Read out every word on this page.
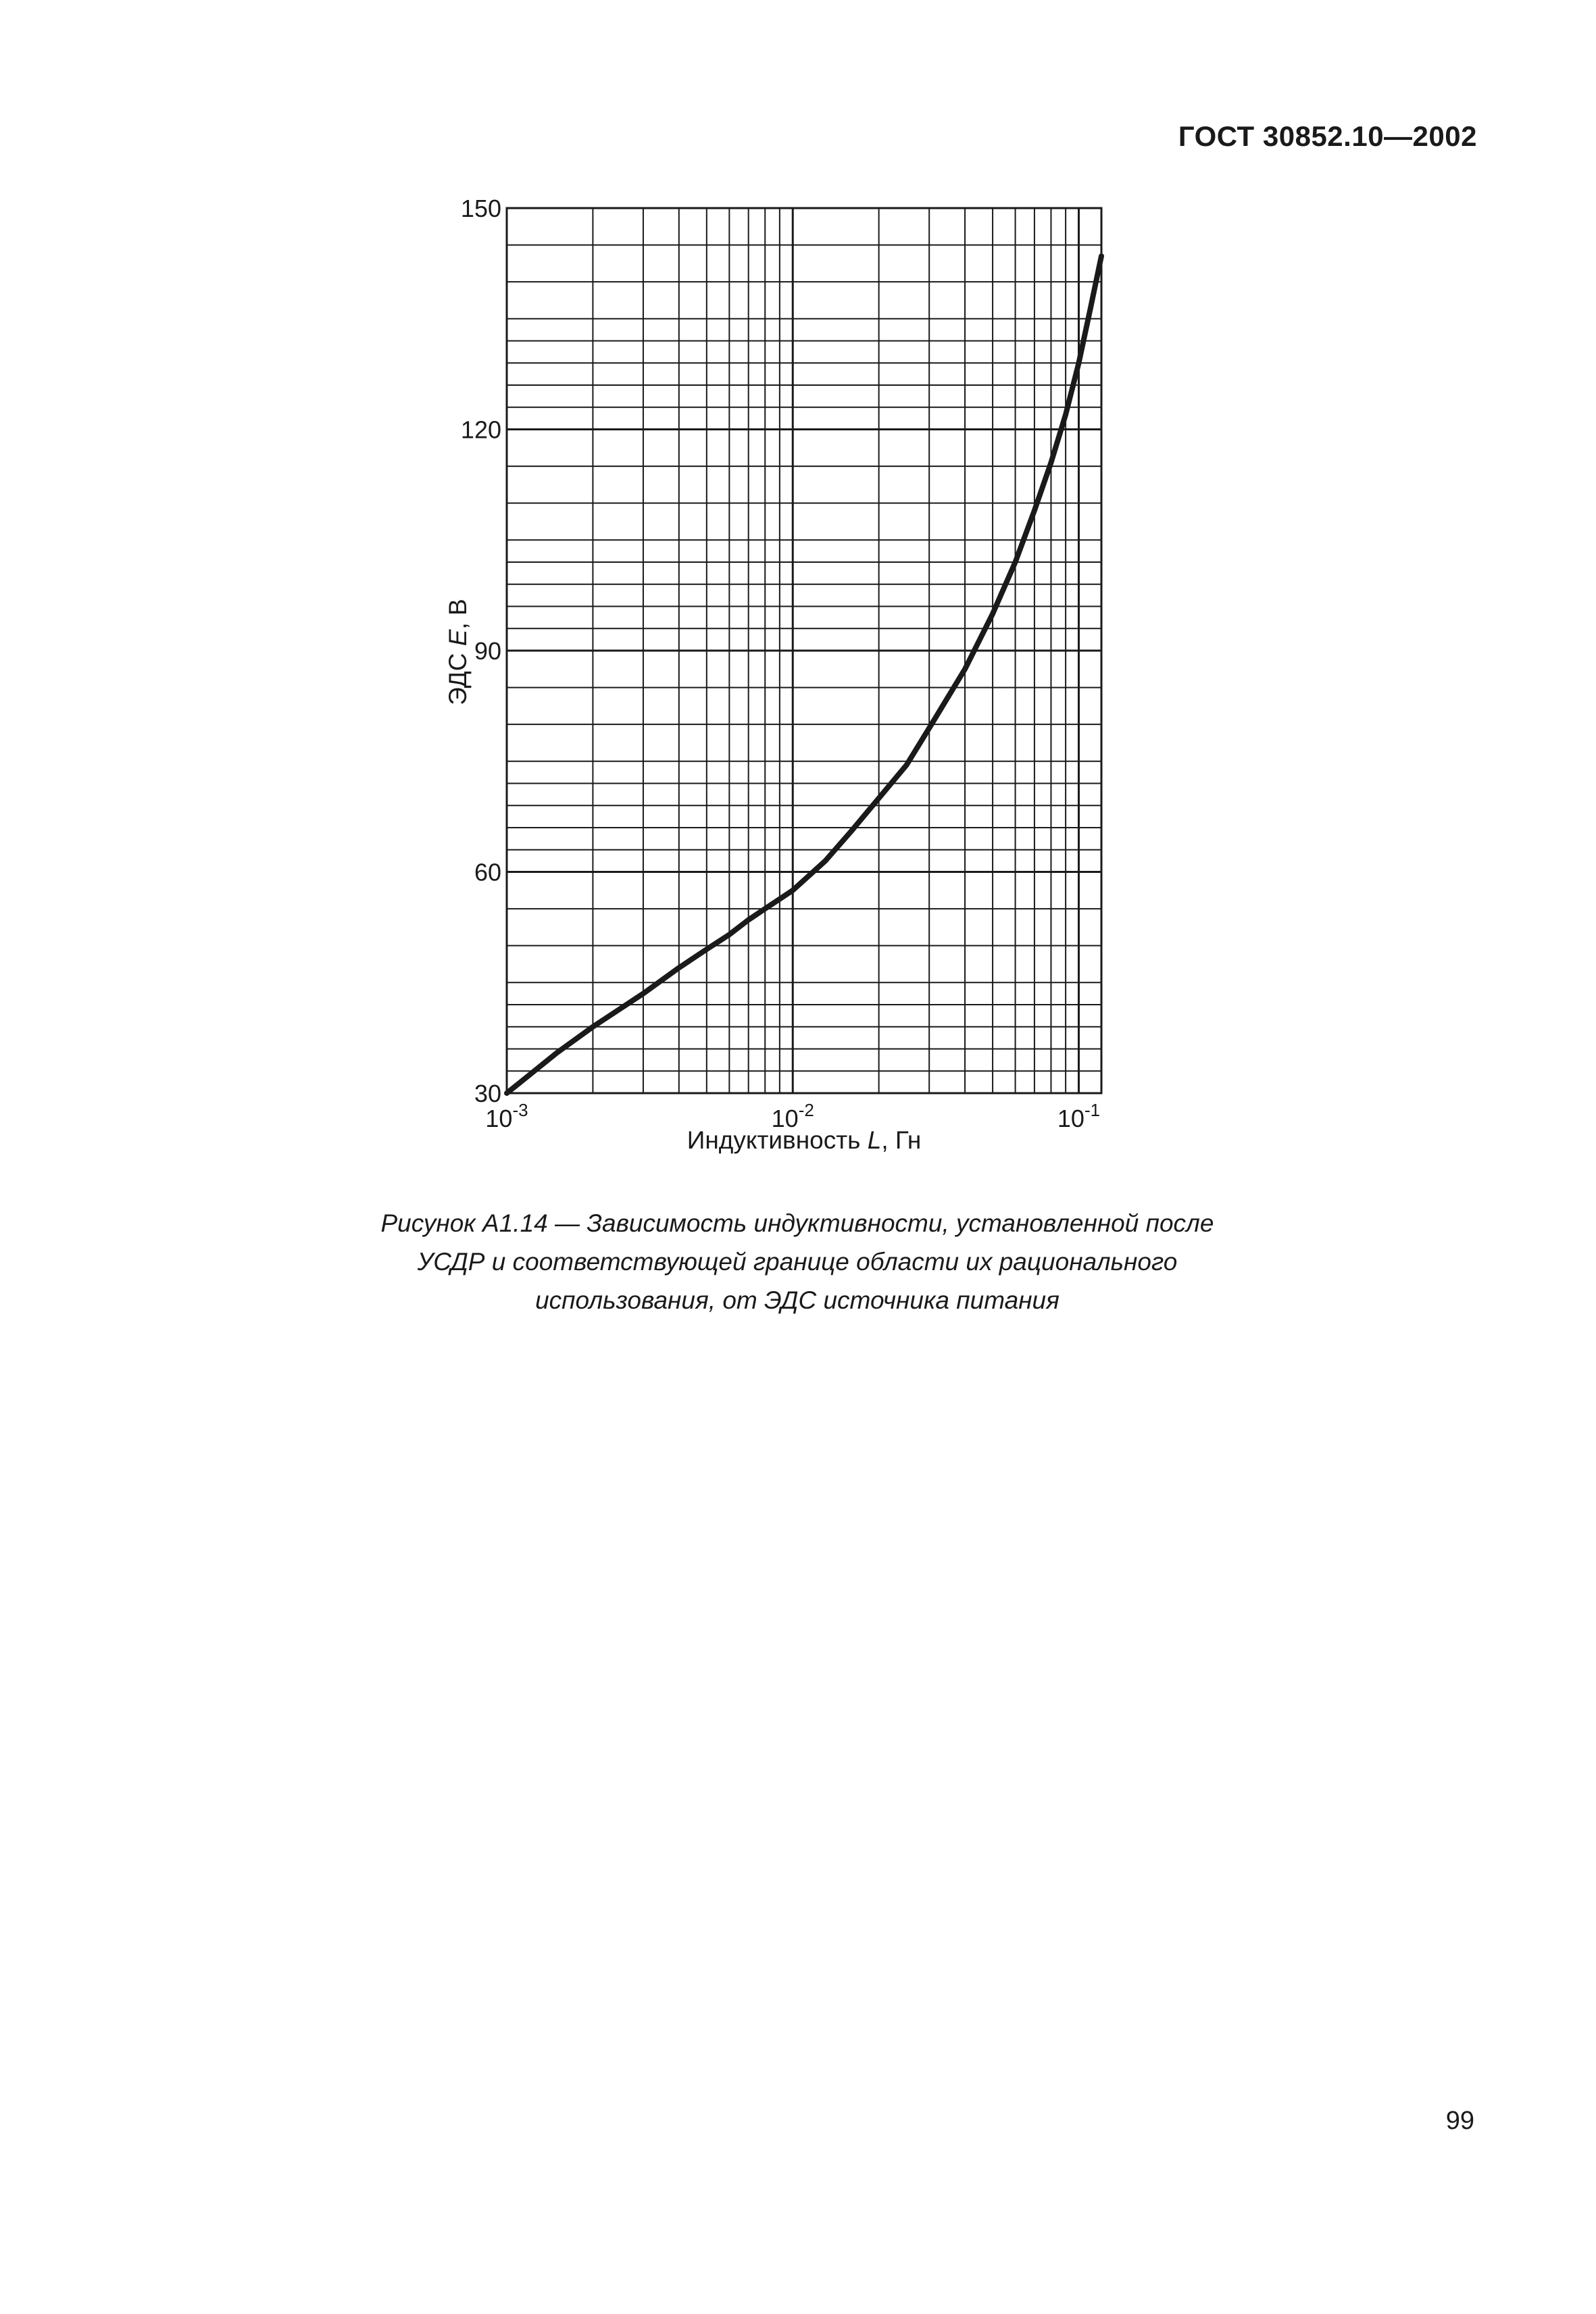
ГОСТ 30852.10—2002
30
60
90
120
150
$10^{-3}$	$10^{-2}$	$10^{-1}$
Индуктивность L, Гн
ЭДС E, В
Рисунок А1.14 — Зависимость индуктивности, установленной после
УСДР и соответствующей границе области их рационального
использования, от ЭДС источника питания
99
